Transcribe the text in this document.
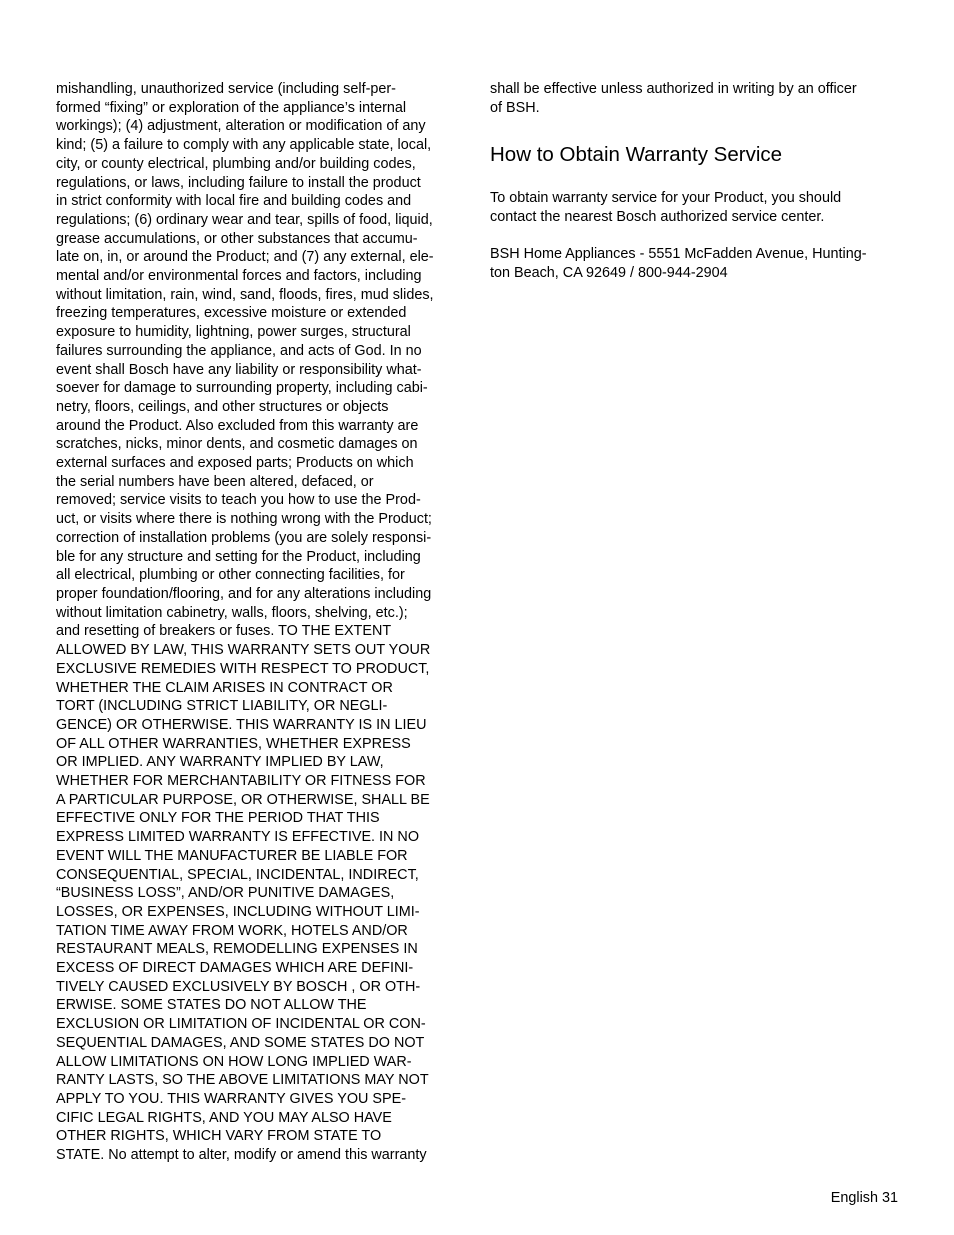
mishandling, unauthorized service (including self-per-
formed “fixing” or exploration of the appliance’s internal
workings); (4) adjustment, alteration or modification of any
kind; (5) a failure to comply with any applicable state, local,
city, or county electrical, plumbing and/or building codes,
regulations, or laws, including failure to install the product
in strict conformity with local fire and building codes and
regulations; (6) ordinary wear and tear, spills of food, liquid,
grease accumulations, or other substances that accumu-
late on, in, or around the Product; and (7) any external, ele-
mental and/or environmental forces and factors, including
without limitation, rain, wind, sand, floods, fires, mud slides,
freezing temperatures, excessive moisture or extended
exposure to humidity, lightning, power surges, structural
failures surrounding the appliance, and acts of God. In no
event shall Bosch have any liability or responsibility what-
soever for damage to surrounding property, including cabi-
netry, floors, ceilings, and other structures or objects
around the Product. Also excluded from this warranty are
scratches, nicks, minor dents, and cosmetic damages on
external surfaces and exposed parts; Products on which
the serial numbers have been altered, defaced, or
removed; service visits to teach you how to use the Prod-
uct, or visits where there is nothing wrong with the Product;
correction of installation problems (you are solely responsi-
ble for any structure and setting for the Product, including
all electrical, plumbing or other connecting facilities, for
proper foundation/flooring, and for any alterations including
without limitation cabinetry, walls, floors, shelving, etc.);
and resetting of breakers or fuses. TO THE EXTENT
ALLOWED BY LAW, THIS WARRANTY SETS OUT YOUR
EXCLUSIVE REMEDIES WITH RESPECT TO PRODUCT,
WHETHER THE CLAIM ARISES IN CONTRACT OR
TORT (INCLUDING STRICT LIABILITY, OR NEGLI-
GENCE) OR OTHERWISE. THIS WARRANTY IS IN LIEU
OF ALL OTHER WARRANTIES, WHETHER EXPRESS
OR IMPLIED. ANY WARRANTY IMPLIED BY LAW,
WHETHER FOR MERCHANTABILITY OR FITNESS FOR
A PARTICULAR PURPOSE, OR OTHERWISE, SHALL BE
EFFECTIVE ONLY FOR THE PERIOD THAT THIS
EXPRESS LIMITED WARRANTY IS EFFECTIVE. IN NO
EVENT WILL THE MANUFACTURER BE LIABLE FOR
CONSEQUENTIAL, SPECIAL, INCIDENTAL, INDIRECT,
“BUSINESS LOSS”, AND/OR PUNITIVE DAMAGES,
LOSSES, OR EXPENSES, INCLUDING WITHOUT LIMI-
TATION TIME AWAY FROM WORK, HOTELS AND/OR
RESTAURANT MEALS, REMODELLING EXPENSES IN
EXCESS OF DIRECT DAMAGES WHICH ARE DEFINI-
TIVELY CAUSED EXCLUSIVELY BY BOSCH , OR OTH-
ERWISE. SOME STATES DO NOT ALLOW THE
EXCLUSION OR LIMITATION OF INCIDENTAL OR CON-
SEQUENTIAL DAMAGES, AND SOME STATES DO NOT
ALLOW LIMITATIONS ON HOW LONG IMPLIED WAR-
RANTY LASTS, SO THE ABOVE LIMITATIONS MAY NOT
APPLY TO YOU. THIS WARRANTY GIVES YOU SPE-
CIFIC LEGAL RIGHTS, AND YOU MAY ALSO HAVE
OTHER RIGHTS, WHICH VARY FROM STATE TO
STATE. No attempt to alter, modify or amend this warranty
shall be effective unless authorized in writing by an officer
of BSH.
How to Obtain Warranty Service
To obtain warranty service for your Product, you should
contact the nearest Bosch authorized service center.
BSH Home Appliances - 5551 McFadden Avenue, Hunting-
ton Beach, CA 92649 / 800-944-2904
English 31
